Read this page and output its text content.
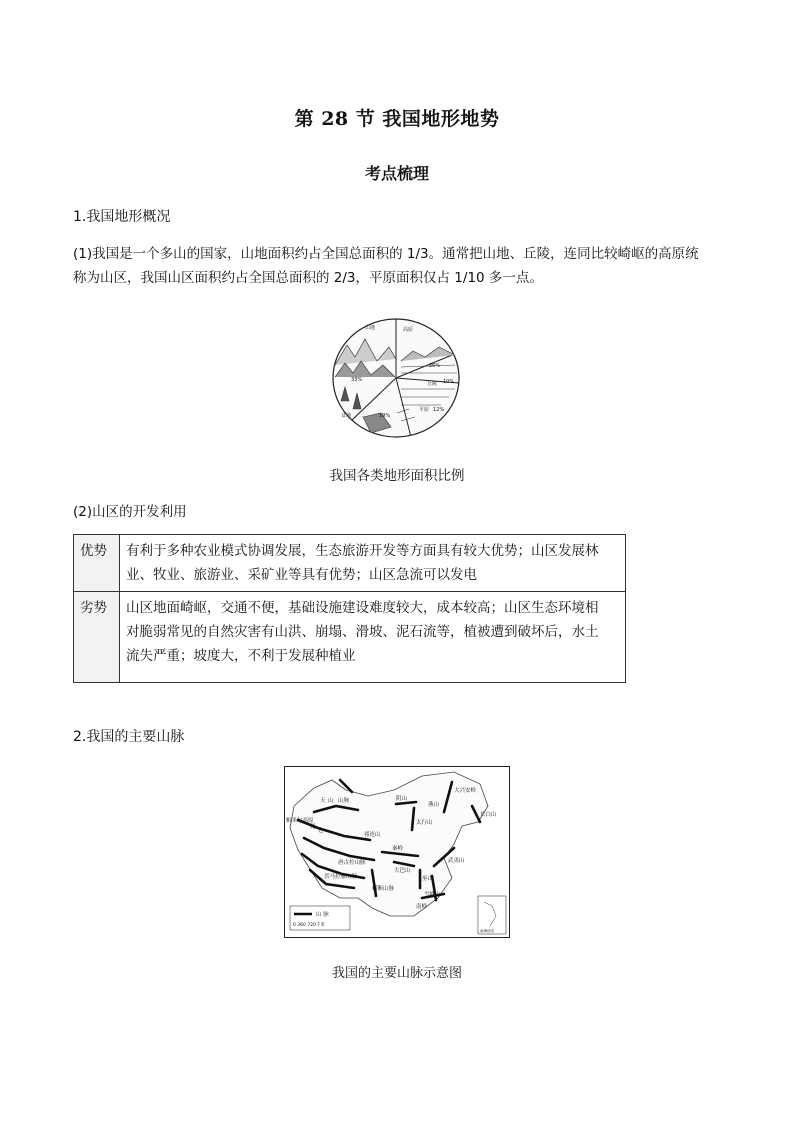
第 28 节 我国地形地势
考点梳理
1.我国地形概况
(1)我国是一个多山的国家，山地面积约占全国总面积的 1/3。通常把山地、丘陵，连同比较崎岖的高原统
称为山区，我国山区面积约占全国总面积的 2/3，平原面积仅占 1/10 多一点。
山地	高原
26%
丘陵 10%
33%
平原 12%
盆地	19%
我国各类地形面积比例
(2)山区的开发利用
优势	有利于多种农业模式协调发展，生态旅游开发等方面具有较大优势；山区发展林
业、牧业、旅游业、采矿业等具有优势；山区急流可以发电

劣势	山区地面崎岖，交通不便，基础设施建设难度较大，成本较高；山区生态环境相
对脆弱常见的自然灾害有山洪、崩塌、滑坡、泥石流等，植被遭到破坏后，水土
流失严重；坡度大，不利于发展种植业
2.我国的主要山脉
天 山 山脉
帕米尔高原
昆
仑
祁连山
阴山
太行山
燕山
秦岭
大巴山
巫山
雪峰山
武夷山
南岭
横断山脉
唐古拉山脉
喜马拉雅山脉
大兴安岭
长白山
山 脉
0 360 720千米
南海诸岛
我国的主要山脉示意图
